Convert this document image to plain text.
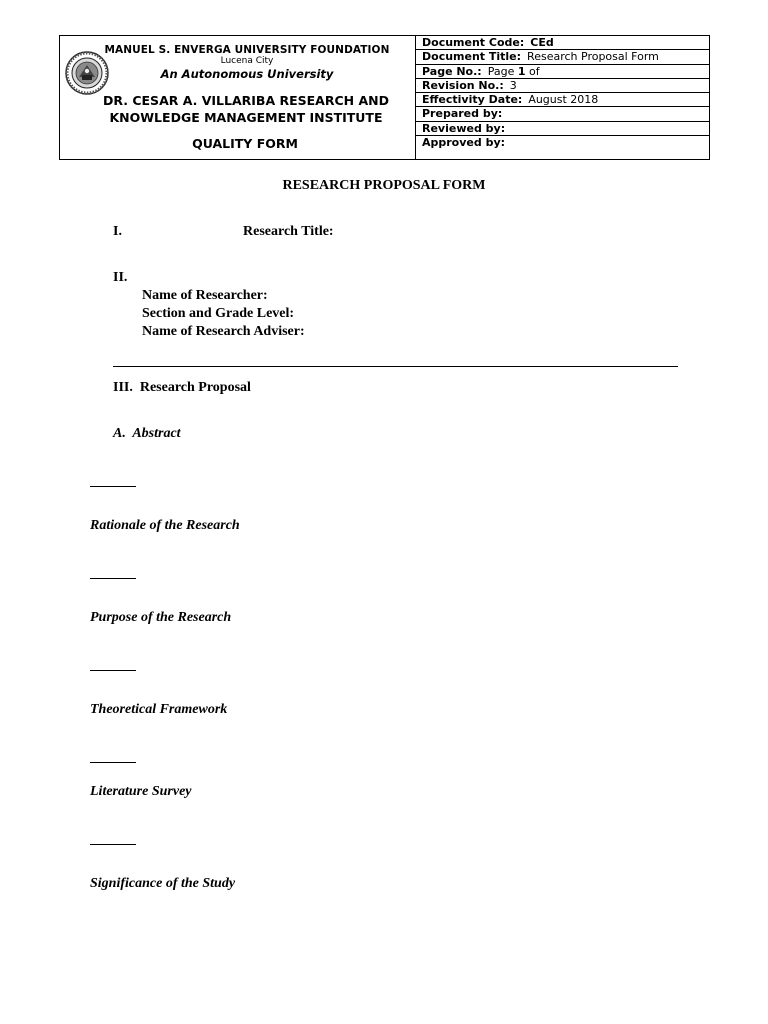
MANUEL S. ENVERGA UNIVERSITY FOUNDATION
Lucena City
An Autonomous University
DR. CESAR A. VILLARIBA RESEARCH AND
KNOWLEDGE MANAGEMENT INSTITUTE
QUALITY FORM
Document Code: CEd
Document Title: Research Proposal Form
Page No.: Page 1 of
Revision No.: 3
Effectivity Date: August 2018
Prepared by:
Reviewed by:
Approved by:
RESEARCH PROPOSAL FORM
I.	Research Title:
II.
Name of Researcher:
Section and Grade Level:
Name of Research Adviser:
III.  Research Proposal
A.  Abstract
Rationale of the Research
Purpose of the Research
Theoretical Framework
Literature Survey
Significance of the Study
